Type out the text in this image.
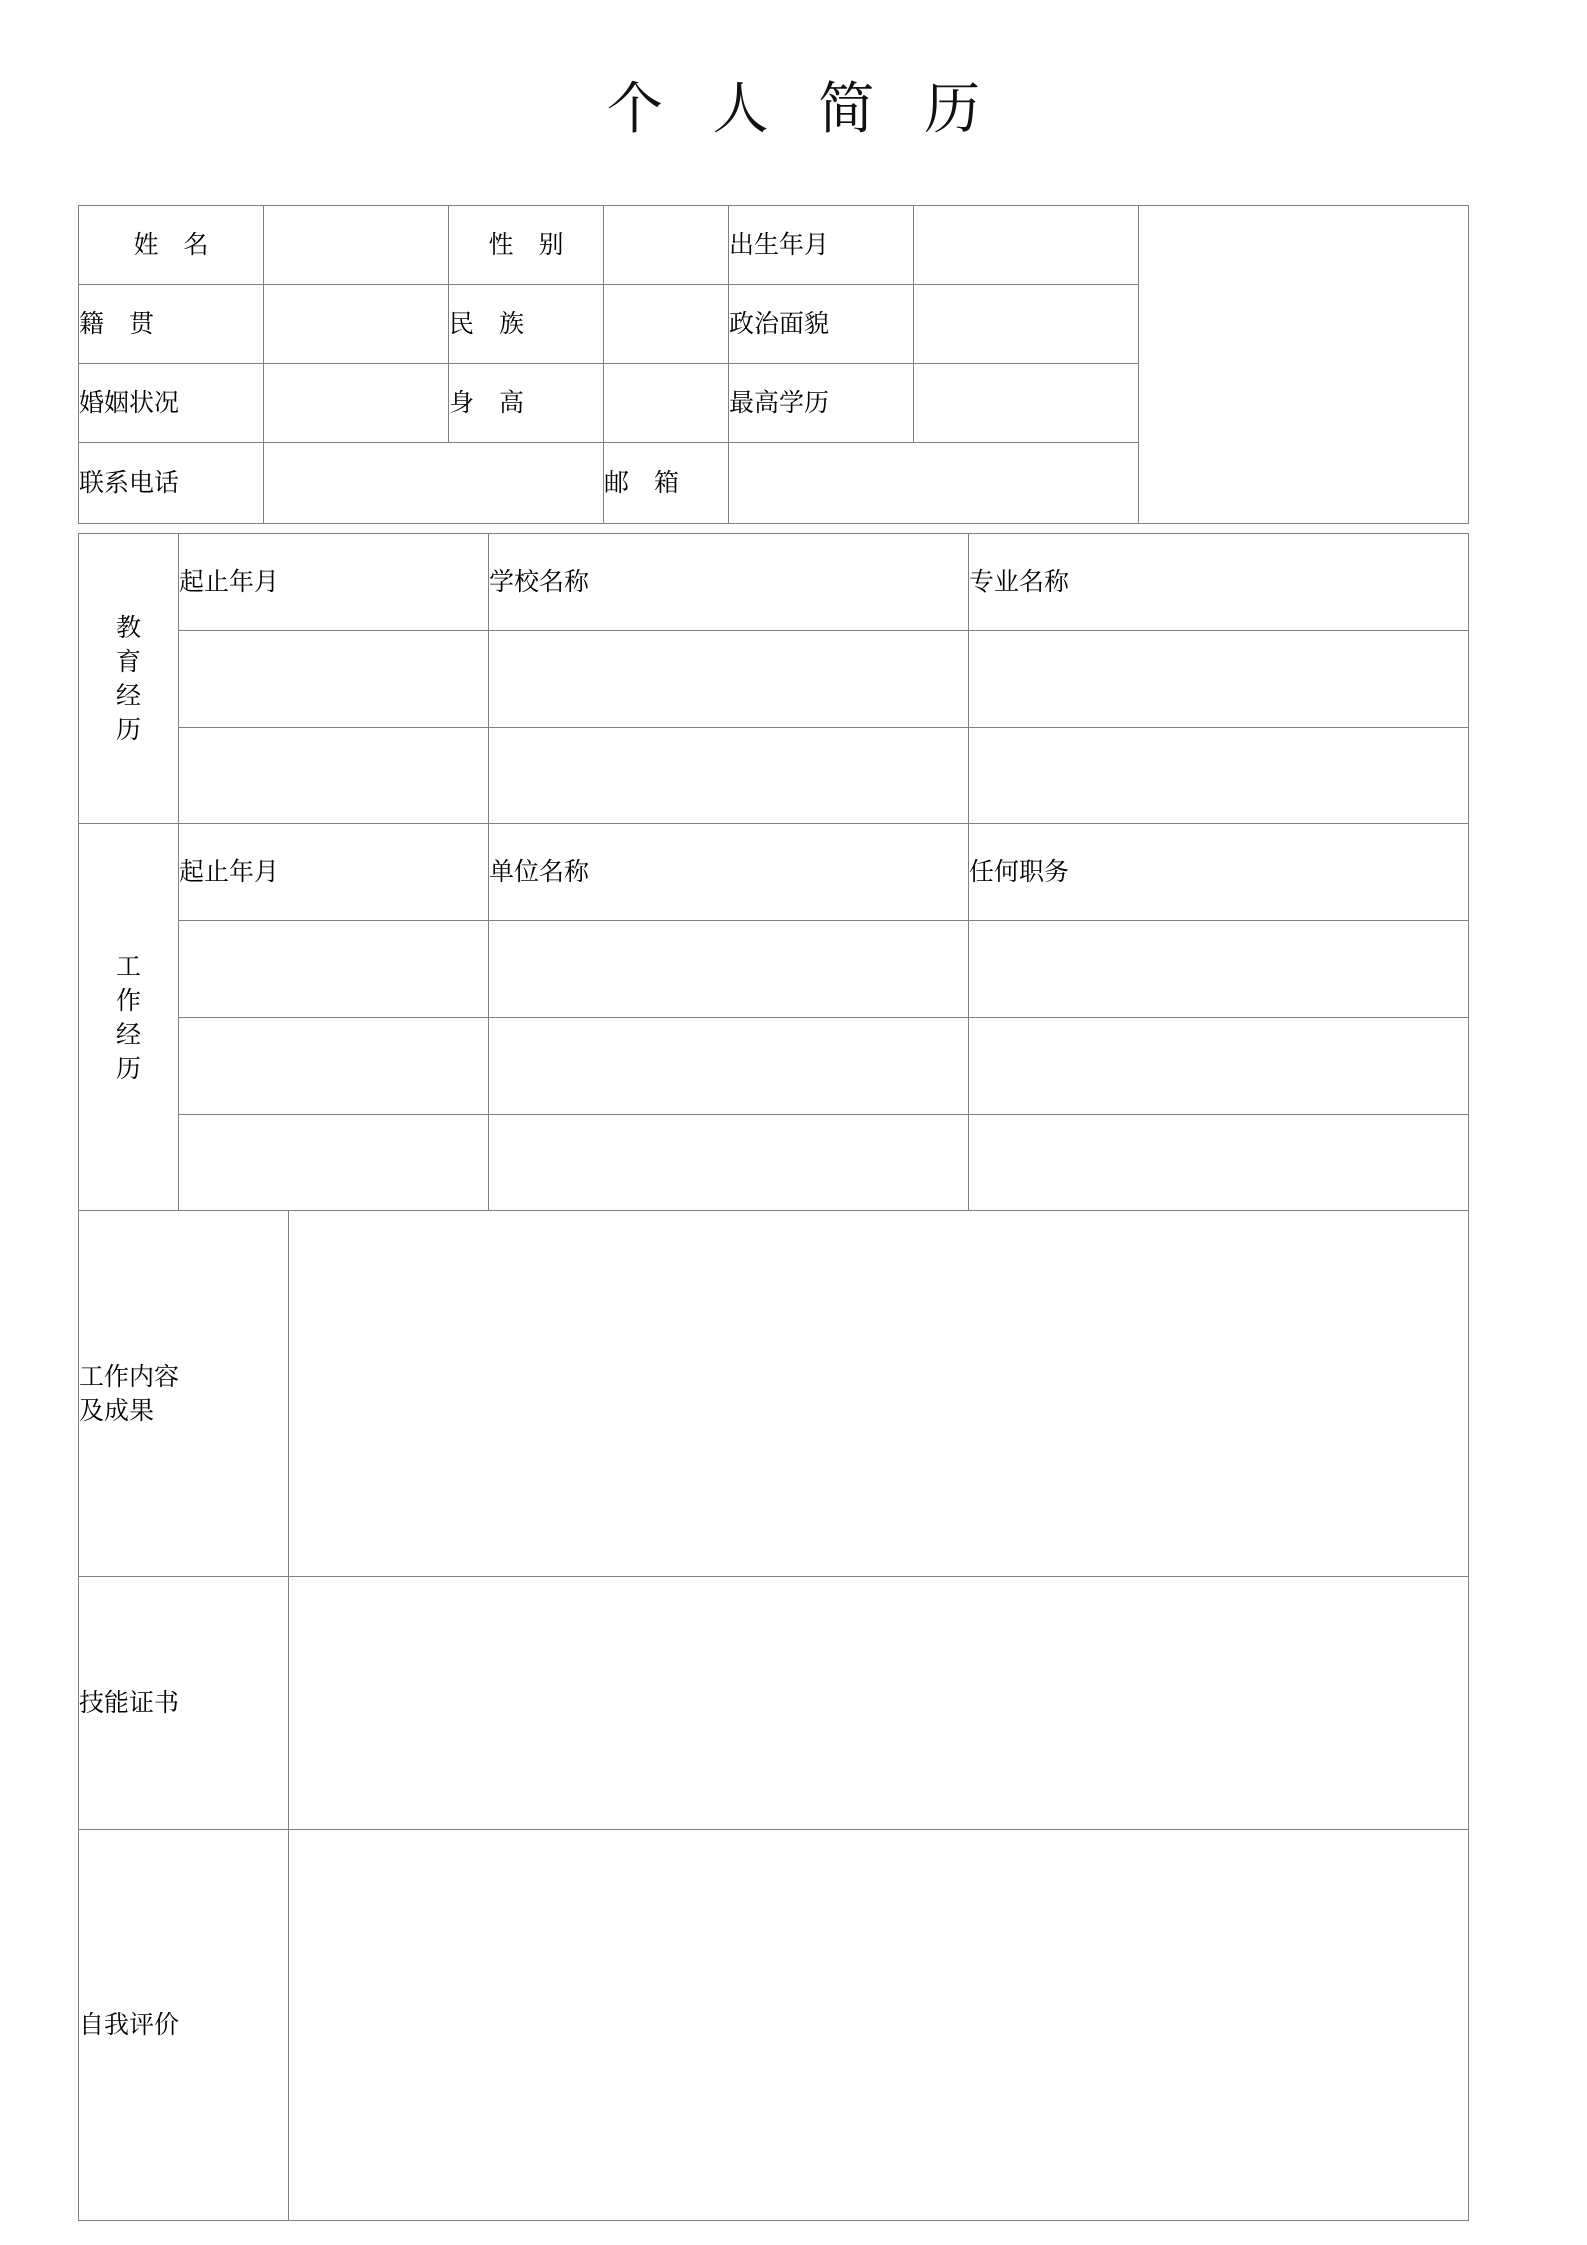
个 人 简 历
姓　名		性　别		出生年月		
籍　贯		民　族		政治面貌		
婚姻状况		身　高		最高学历		
联系电话			邮　箱			
教
育
经
历	起止年月	学校名称	专业名称

工
作
经
历	起止年月	单位名称	任何职务

工作内容
及成果	

技能证书	

自我评价	
